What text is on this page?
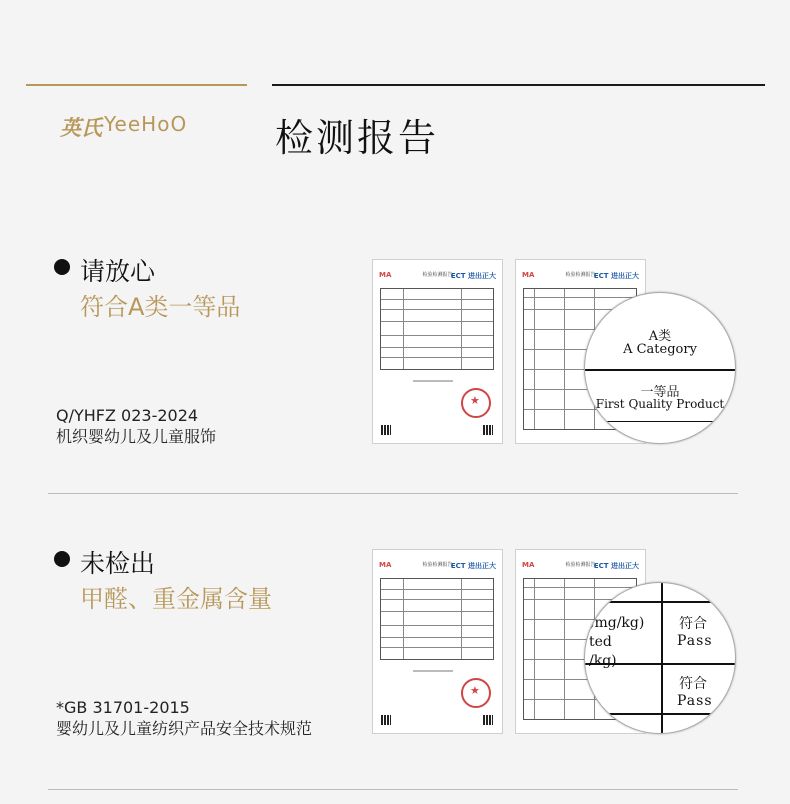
英氏 YeeHoO 检测报告
请放心
符合A类一等品
Q/YHFZ 023-2024
机织婴幼儿及儿童服饰
MA	检验检测报告
ECT 进出正大
★
MA	检验检测报告
ECT 进出正大
A类
A Category
一等品
First Quality Product
未检出
甲醛、重金属含量
*GB 31701-2015
婴幼儿及儿童纺织产品安全技术规范
MA	检验检测报告
ECT 进出正大
★
MA	检验检测报告
ECT 进出正大
)mg/kg)
ted
/kg)
符合
Pass
符合
Pass
